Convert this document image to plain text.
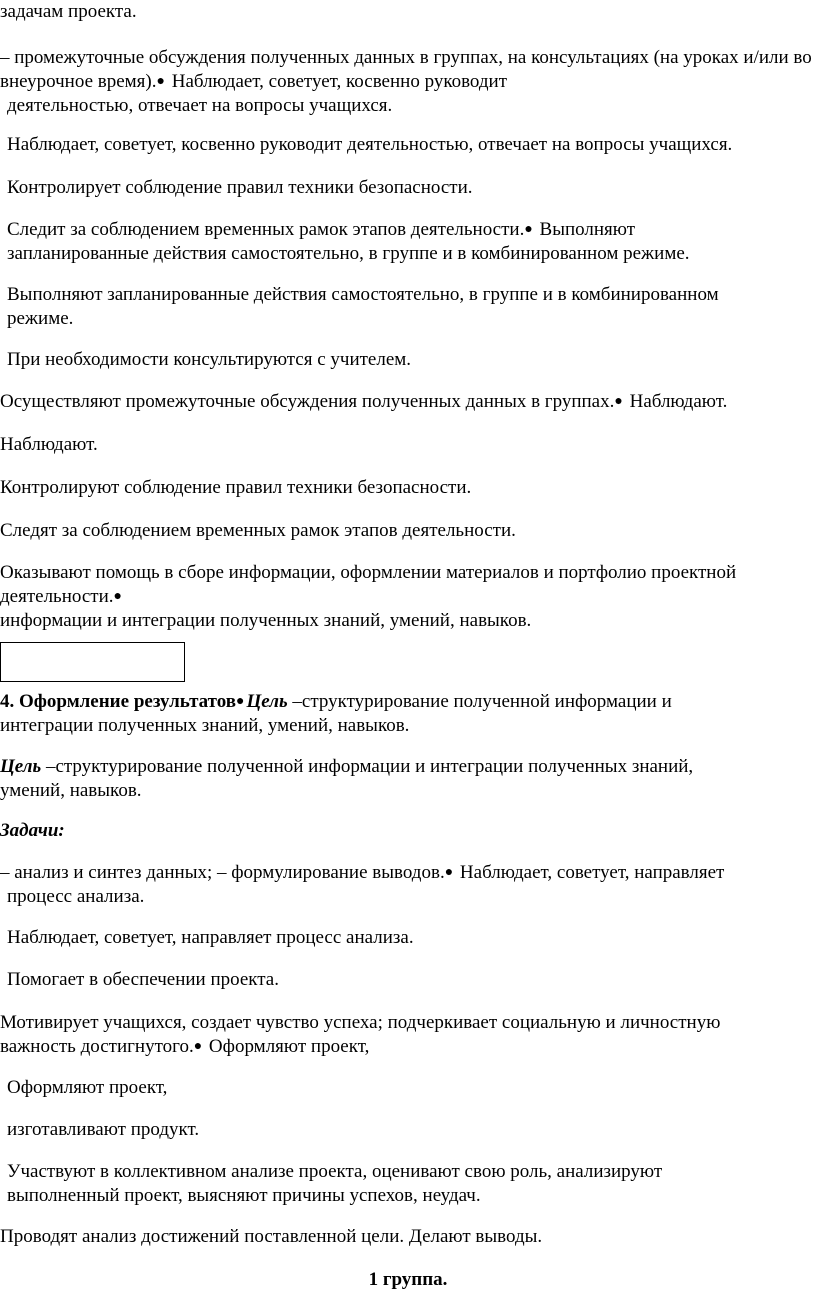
задачам проекта.

– промежуточные обсуждения полученных данных в группах, на консультациях (на уроках и/или во внеурочное время).● Наблюдает, советует, косвенно руководит
деятельностью, отвечает на вопросы учащихся.

Наблюдает, советует, косвенно руководит деятельностью, отвечает на вопросы учащихся.

Контролирует соблюдение правил техники безопасности.

Следит за соблюдением временных рамок этапов деятельности.● Выполняют
запланированные действия самостоятельно, в группе и в комбинированном режиме.

Выполняют запланированные действия самостоятельно, в группе и в комбинированном
режиме.

При необходимости консультируются с учителем.

Осуществляют промежуточные обсуждения полученных данных в группах.● Наблюдают.

Наблюдают.

Контролируют соблюдение правил техники безопасности.

Следят за соблюдением временных рамок этапов деятельности.

Оказывают помощь в сборе информации, оформлении материалов и портфолио проектной
деятельности.●
информации и интеграции полученных знаний, умений, навыков.

4. Оформление результатов● Цель –структурирование полученной информации и
интеграции полученных знаний, умений, навыков.

Цель –структурирование полученной информации и интеграции полученных знаний,
умений, навыков.

Задачи:

– анализ и синтез данных; – формулирование выводов.● Наблюдает, советует, направляет
процесс анализа.

Наблюдает, советует, направляет процесс анализа.

Помогает в обеспечении проекта.

Мотивирует учащихся, создает чувство успеха; подчеркивает социальную и личностную
важность достигнутого.● Оформляют проект,

Оформляют проект,

изготавливают продукт.

Участвуют в коллективном анализе проекта, оценивают свою роль, анализируют
выполненный проект, выясняют причины успехов, неудач.

Проводят анализ достижений поставленной цели. Делают выводы.

1 группа.
